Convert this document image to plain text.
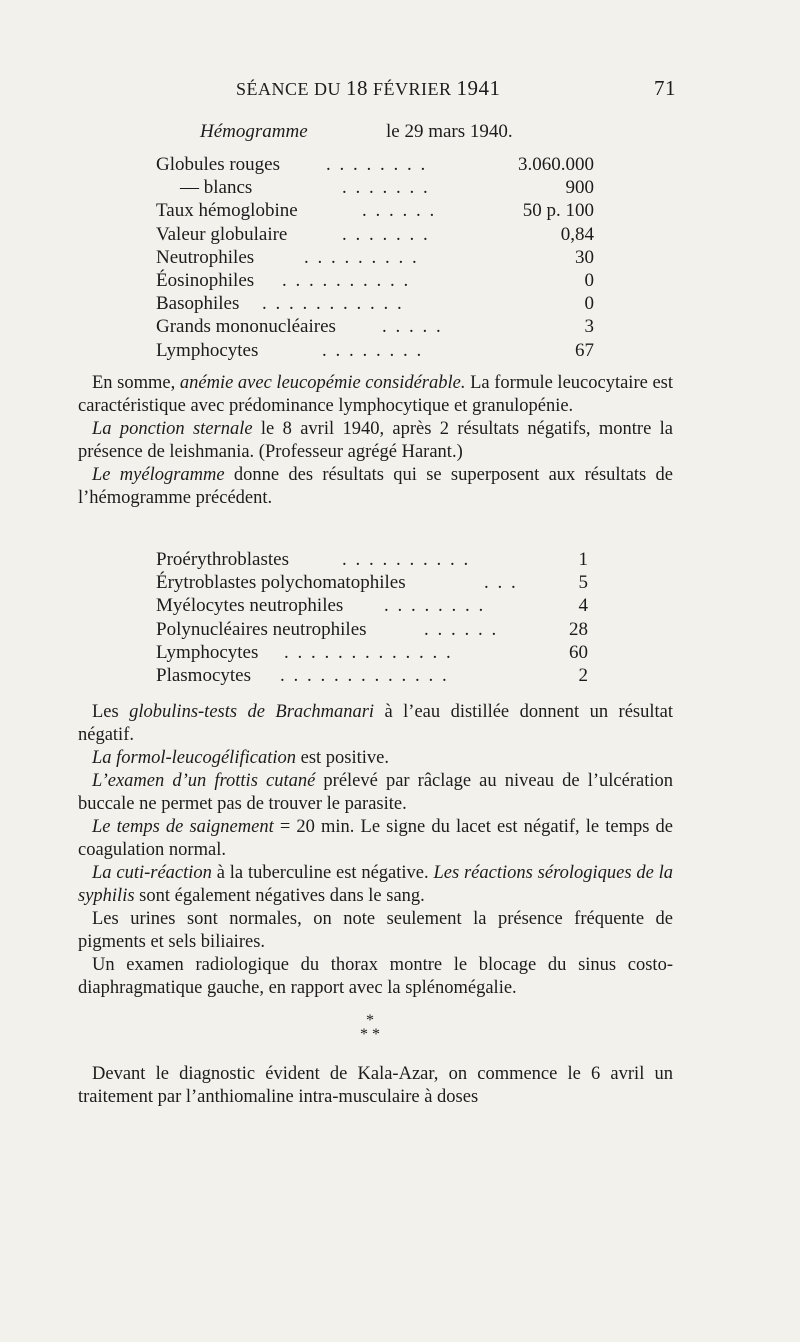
SÉANCE DU 18 FÉVRIER 1941	71
Hémogramme	le 29 mars 1940.
Globules rouges . . . . . . . .	3.060.000
— blancs	. . . . . . .	900
Taux hémoglobine	. . . . . .	50 p. 100
Valeur globulaire	. . . . . . .	0,84
Neutrophiles	. . . . . . . . .	30
Éosinophiles . . . . . . . . . .	0
Basophiles . . . . . . . . . . .	0
Grands mononucléaires . . . . .	3
Lymphocytes	. . . . . . . .	67

En somme, anémie avec leucopémie considérable. La formule leucocytaire est caractéristique avec prédominance lymphocytique et granulopénie.

La ponction sternale le 8 avril 1940, après 2 résultats négatifs, montre la présence de leishmania. (Professeur agrégé Harant.)

Le myélogramme donne des résultats qui se superposent aux résultats de l’hémogramme précédent.

Proérythroblastes	. . . . . . . . . .	1
Érytroblastes polychomatophiles	. . .	5
Myélocytes neutrophiles . . . . . . . .	4
Polynucléaires neutrophiles	. . . . . .	28
Lymphocytes . . . . . . . . . . . . .	60
Plasmocytes . . . . . . . . . . . . .	2

Les globulins-tests de Brachmanari à l’eau distillée donnent un résultat négatif.

La formol-leucogélification est positive.

L’examen d’un frottis cutané prélevé par râclage au niveau de l’ulcération buccale ne permet pas de trouver le parasite.

Le temps de saignement = 20 min. Le signe du lacet est négatif, le temps de coagulation normal.

La cuti-réaction à la tuberculine est négative. Les réactions sérologiques de la syphilis sont également négatives dans le sang.

Les urines sont normales, on note seulement la présence fréquente de pigments et sels biliaires.

Un examen radiologique du thorax montre le blocage du sinus costo-diaphragmatique gauche, en rapport avec la splénomégalie.

*
* *

Devant le diagnostic évident de Kala-Azar, on commence le 6 avril un traitement par l’anthiomaline intra-musculaire à doses
